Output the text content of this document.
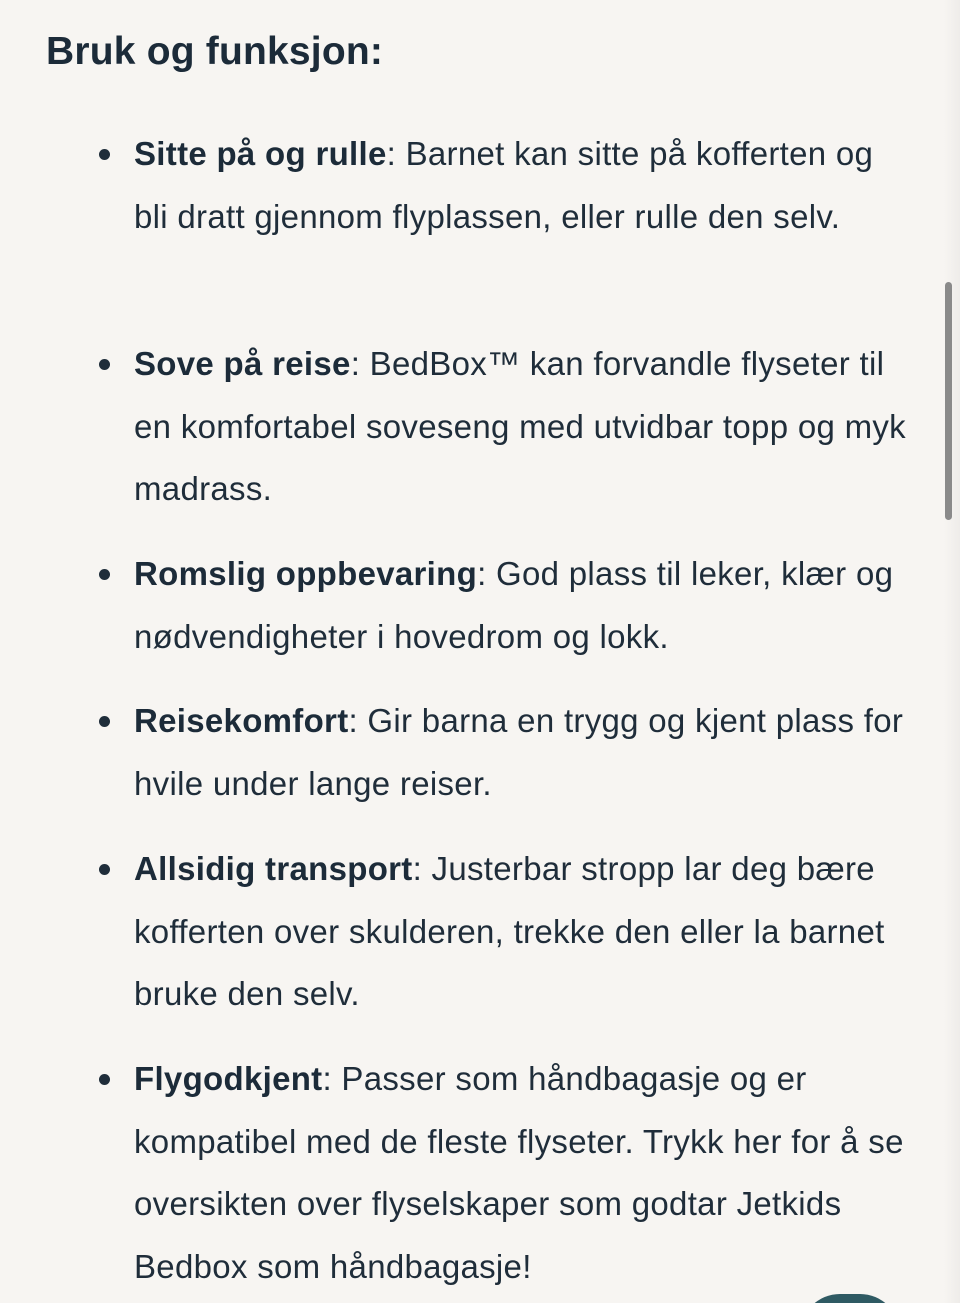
Bruk og funksjon:

Sitte på og rulle: Barnet kan sitte på kofferten og bli dratt gjennom flyplassen, eller rulle den selv.

Sove på reise: BedBox™ kan forvandle flyseter til en komfortabel soveseng med utvidbar topp og myk madrass.

Romslig oppbevaring: God plass til leker, klær og nødvendigheter i hovedrom og lokk.

Reisekomfort: Gir barna en trygg og kjent plass for hvile under lange reiser.

Allsidig transport: Justerbar stropp lar deg bære kofferten over skulderen, trekke den eller la barnet bruke den selv.

Flygodkjent: Passer som håndbagasje og er kompatibel med de fleste flyseter. Trykk her for å se oversikten over flyselskaper som godtar Jetkids Bedbox som håndbagasje!
